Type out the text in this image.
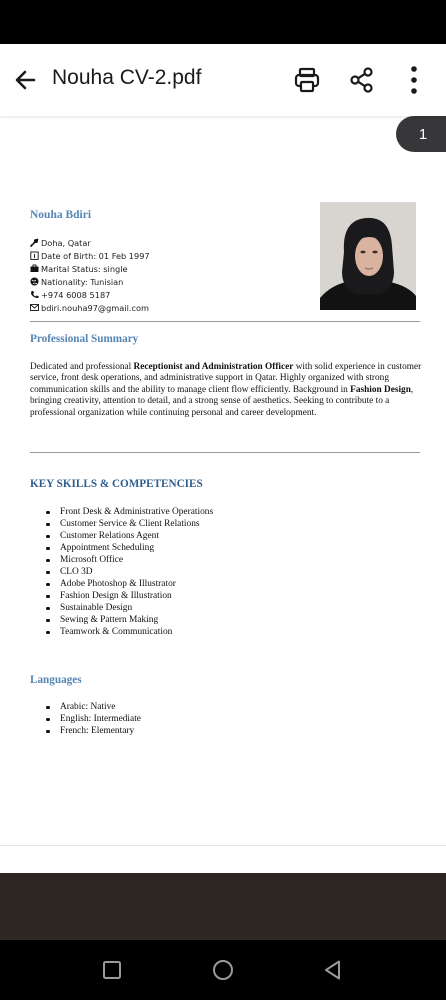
Nouha CV-2.pdf
Nouha Bdiri
Doha, Qatar
Date of Birth: 01 Feb 1997
Marital Status: single
Nationality: Tunisian
+974 6008 5187
bdiri.nouha97@gmail.com
Professional Summary
Dedicated and professional Receptionist and Administration Officer with solid experience in customer service, front desk operations, and administrative support in Qatar. Highly organized with strong communication skills and the ability to manage client flow efficiently. Background in Fashion Design, bringing creativity, attention to detail, and a strong sense of aesthetics. Seeking to contribute to a professional organization while continuing personal and career development.
KEY SKILLS & COMPETENCIES
Front Desk & Administrative Operations
Customer Service & Client Relations
Customer Relations Agent
Appointment Scheduling
Microsoft Office
CLO 3D
Adobe Photoshop & Illustrator
Fashion Design & Illustration
Sustainable Design
Sewing & Pattern Making
Teamwork & Communication
Languages
Arabic: Native
English: Intermediate
French: Elementary
1
